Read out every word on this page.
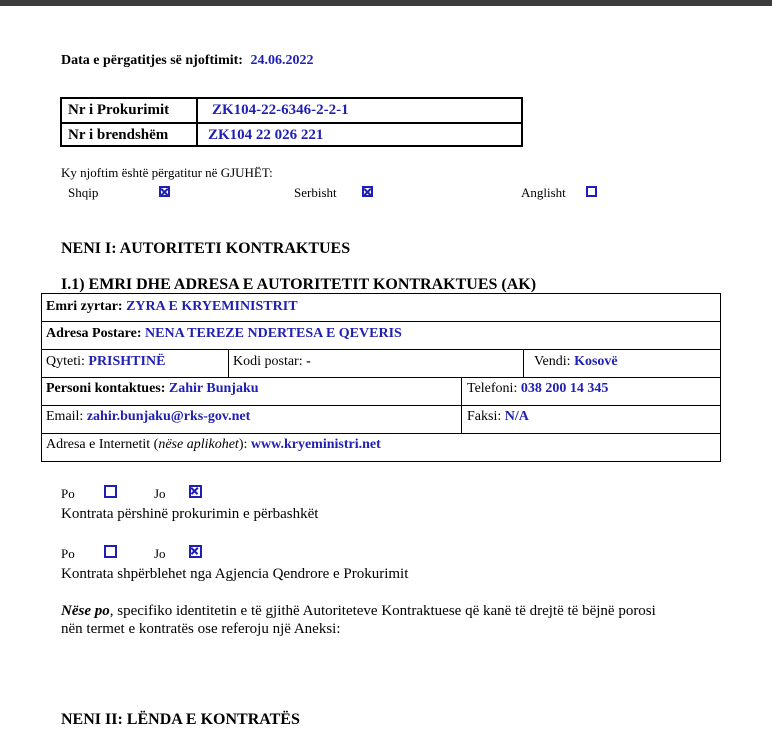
Data e përgatitjes së njoftimit: 24.06.2022
Nr i Prokurimit	ZK104-22-6346-2-2-1
Nr i brendshëm	ZK104 22 026 221
Ky njoftim është përgatitur në GJUHËT:
Shqip	Serbisht	Anglisht
NENI I: AUTORITETI KONTRAKTUES
I.1) EMRI DHE ADRESA E AUTORITETIT KONTRAKTUES (AK)
Emri zyrtar: ZYRA E KRYEMINISTRIT
Adresa Postare: NENA TEREZE NDERTESA E QEVERIS
Qyteti: PRISHTINË	Kodi postar: -	Vendi: Kosovë
Personi kontaktues: Zahir Bunjaku	Telefoni: 038 200 14 345
Email: zahir.bunjaku@rks-gov.net	Faksi: N/A
Adresa e Internetit (nëse aplikohet): www.kryeministri.net
Po	Jo
Kontrata përshinë prokurimin e përbashkët
Po	Jo
Kontrata shpërblehet nga Agjencia Qendrore e Prokurimit
Nëse po, specifiko identitetin e të gjithë Autoriteteve Kontraktuese që kanë të drejtë të bëjnë porosi
nën termet e kontratës ose referoju një Aneksi:
NENI II: LËNDA E KONTRATËS
